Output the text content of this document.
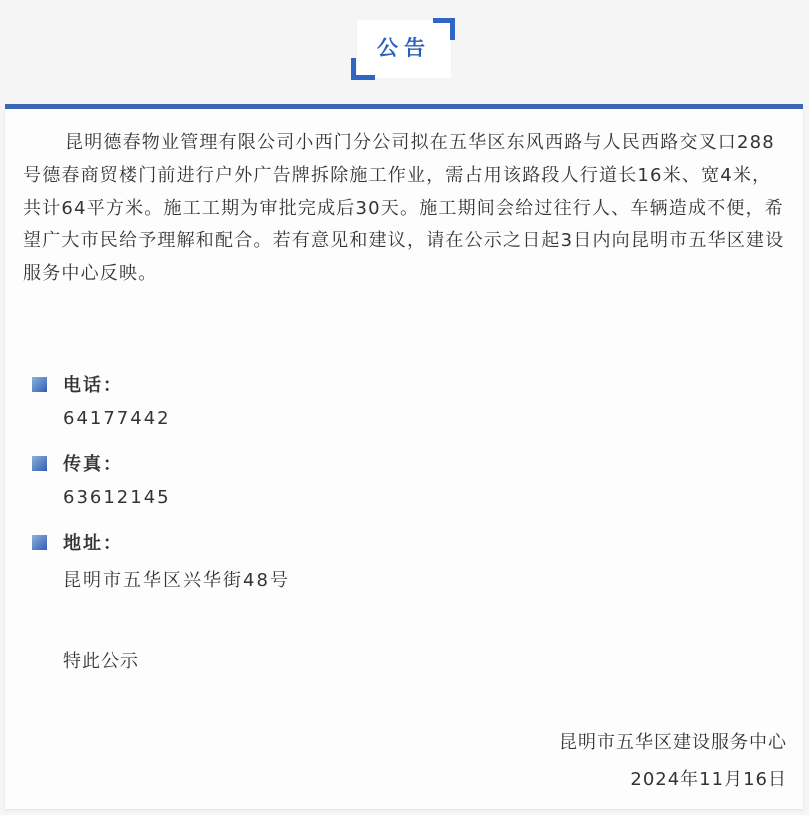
公告

昆明德春物业管理有限公司小西门分公司拟在五华区东风西路与人民西路交叉口288号德春商贸楼门前进行户外广告牌拆除施工作业，需占用该路段人行道长16米、宽4米，共计64平方米。施工工期为审批完成后30天。施工期间会给过往行人、车辆造成不便，希望广大市民给予理解和配合。若有意见和建议，请在公示之日起3日内向昆明市五华区建设服务中心反映。

电话：
64177442
传真：
63612145
地址：
昆明市五华区兴华街48号
特此公示
昆明市五华区建设服务中心
2024年11月16日
